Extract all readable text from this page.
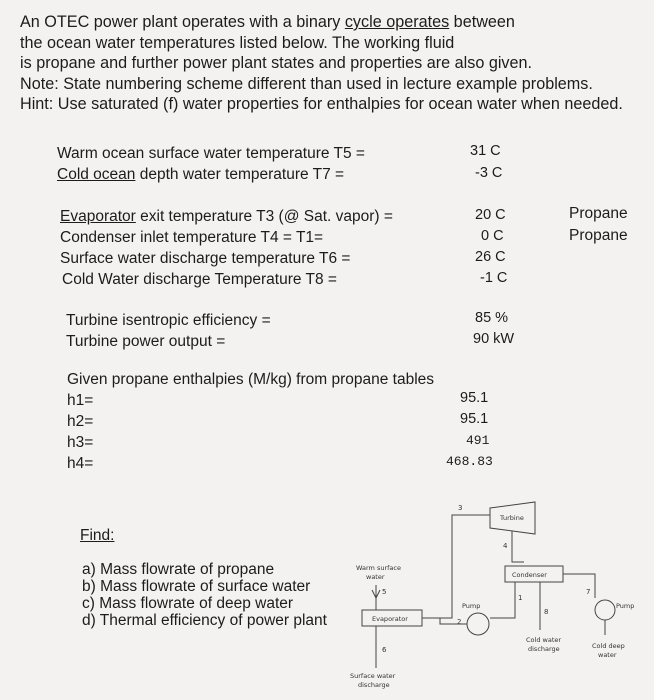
An OTEC power plant operates with a binary cycle operates between
the ocean water temperatures listed below. The working fluid
is propane and further power plant states and properties are also given.
Note: State numbering scheme different than used in lecture example problems.
Hint: Use saturated (f) water properties for enthalpies for ocean water when needed.
Warm ocean surface water temperature T5 =	31 C
Cold ocean depth water temperature T7 =	-3 C
Evaporator exit temperature T3 (@ Sat. vapor) =	20 C	Propane
Condenser inlet temperature T4 = T1=	0 C	Propane
Surface water discharge temperature T6 =	26 C
Cold Water discharge Temperature T8 =	-1 C
Turbine isentropic efficiency =	85 %
Turbine power output =	90 kW
Given propane enthalpies (M/kg) from propane tables
h1=	95.1
h2=	95.1
h3=	491
h4=	468.83
Find:
a) Mass flowrate of propane
b) Mass flowrate of surface water
c) Mass flowrate of deep water
d) Thermal efficiency of power plant
Warm surface
water
Evaporator
Turbine
Condenser
Pump	Pump
Cold water
discharge	Cold deep
water
Surface water
discharge
1
2
3
4
5
6
7
8
